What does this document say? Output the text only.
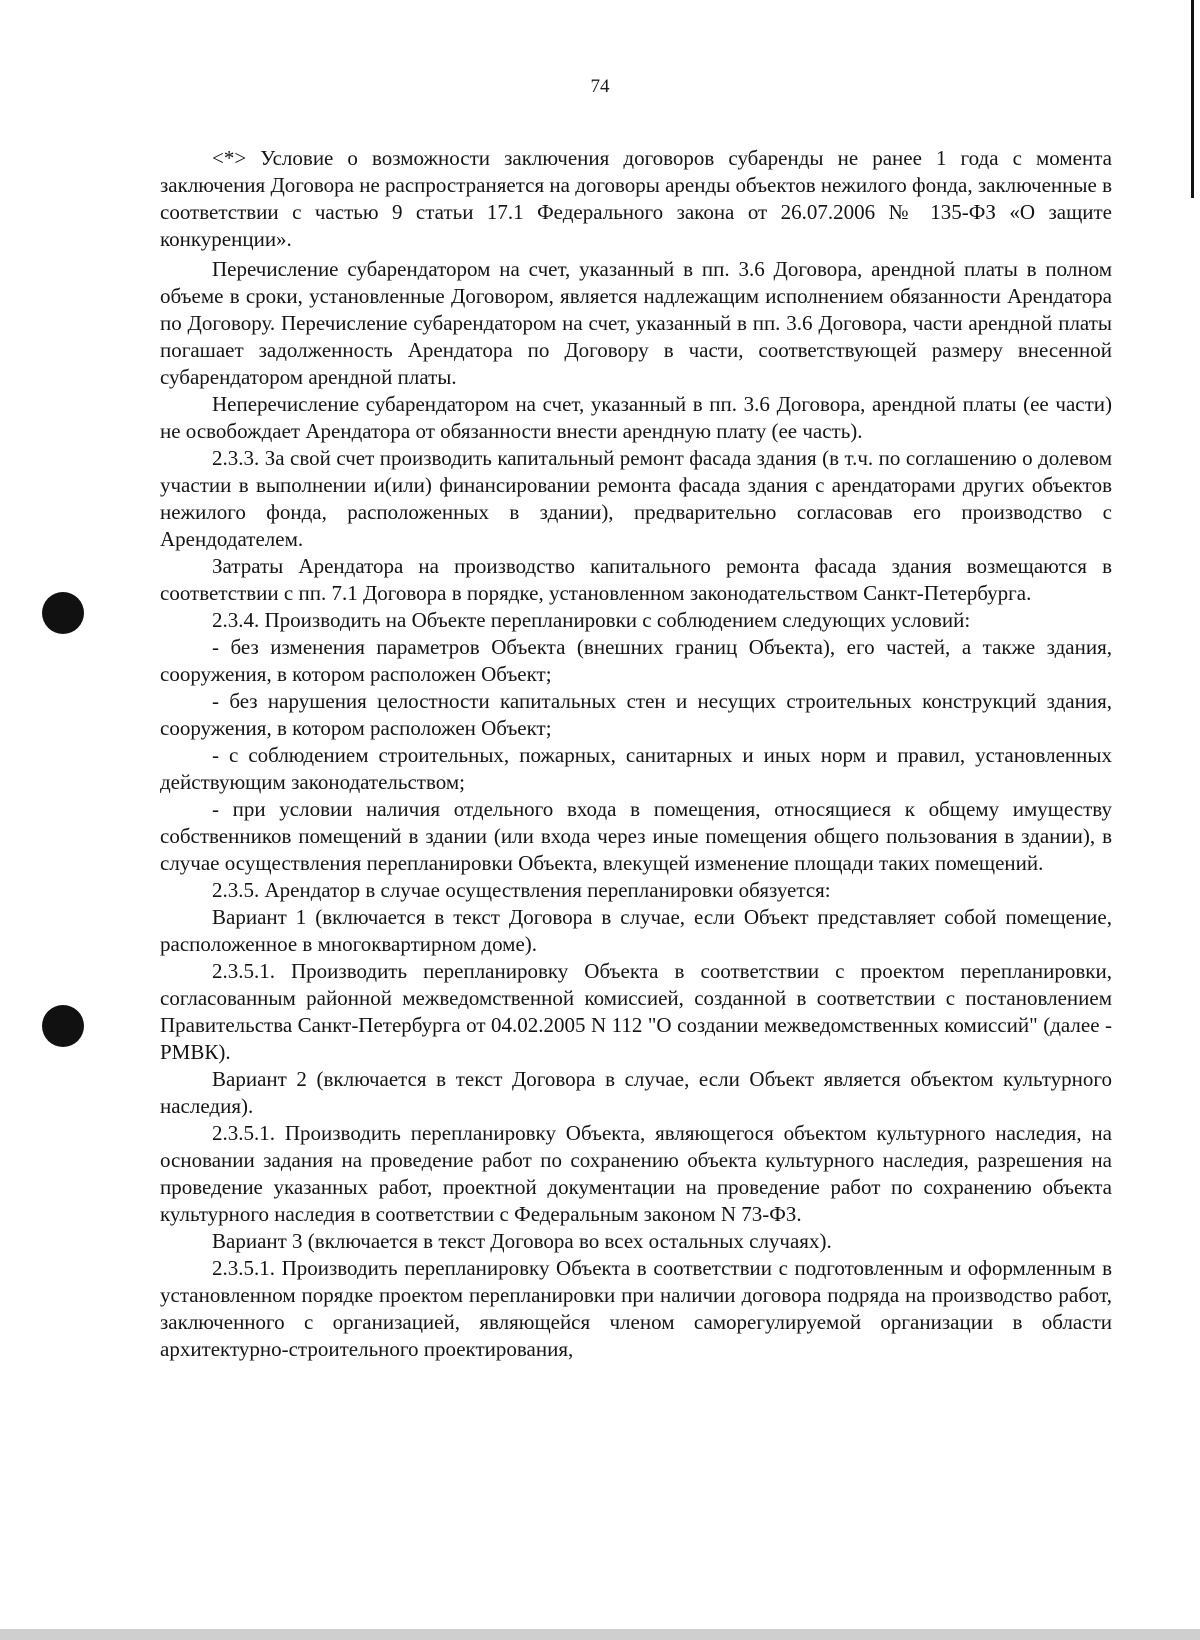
74

<*> Условие о возможности заключения договоров субаренды не ранее 1 года с момента заключения Договора не распространяется на договоры аренды объектов нежилого фонда, заключенные в соответствии с частью 9 статьи 17.1 Федерального закона от 26.07.2006 № 135-ФЗ «О защите конкуренции».

Перечисление субарендатором на счет, указанный в пп. 3.6 Договора, арендной платы в полном объеме в сроки, установленные Договором, является надлежащим исполнением обязанности Арендатора по Договору. Перечисление субарендатором на счет, указанный в пп. 3.6 Договора, части арендной платы погашает задолженность Арендатора по Договору в части, соответствующей размеру внесенной субарендатором арендной платы.

Неперечисление субарендатором на счет, указанный в пп. 3.6 Договора, арендной платы (ее части) не освобождает Арендатора от обязанности внести арендную плату (ее часть).

2.3.3. За свой счет производить капитальный ремонт фасада здания (в т.ч. по соглашению о долевом участии в выполнении и(или) финансировании ремонта фасада здания с арендаторами других объектов нежилого фонда, расположенных в здании), предварительно согласовав его производство с Арендодателем.

Затраты Арендатора на производство капитального ремонта фасада здания возмещаются в соответствии с пп. 7.1 Договора в порядке, установленном законодательством Санкт-Петербурга.

2.3.4. Производить на Объекте перепланировки с соблюдением следующих условий:

- без изменения параметров Объекта (внешних границ Объекта), его частей, а также здания, сооружения, в котором расположен Объект;

- без нарушения целостности капитальных стен и несущих строительных конструкций здания, сооружения, в котором расположен Объект;

- с соблюдением строительных, пожарных, санитарных и иных норм и правил, установленных действующим законодательством;

- при условии наличия отдельного входа в помещения, относящиеся к общему имуществу собственников помещений в здании (или входа через иные помещения общего пользования в здании), в случае осуществления перепланировки Объекта, влекущей изменение площади таких помещений.

2.3.5. Арендатор в случае осуществления перепланировки обязуется:

Вариант 1 (включается в текст Договора в случае, если Объект представляет собой помещение, расположенное в многоквартирном доме).

2.3.5.1. Производить перепланировку Объекта в соответствии с проектом перепланировки, согласованным районной межведомственной комиссией, созданной в соответствии с постановлением Правительства Санкт-Петербурга от 04.02.2005 N 112 "О создании межведомственных комиссий" (далее - РМВК).

Вариант 2 (включается в текст Договора в случае, если Объект является объектом культурного наследия).

2.3.5.1. Производить перепланировку Объекта, являющегося объектом культурного наследия, на основании задания на проведение работ по сохранению объекта культурного наследия, разрешения на проведение указанных работ, проектной документации на проведение работ по сохранению объекта культурного наследия в соответствии с Федеральным законом N 73-ФЗ.

Вариант 3 (включается в текст Договора во всех остальных случаях).

2.3.5.1. Производить перепланировку Объекта в соответствии с подготовленным и оформленным в установленном порядке проектом перепланировки при наличии договора подряда на производство работ, заключенного с организацией, являющейся членом саморегулируемой организации в области архитектурно-строительного проектирования,
